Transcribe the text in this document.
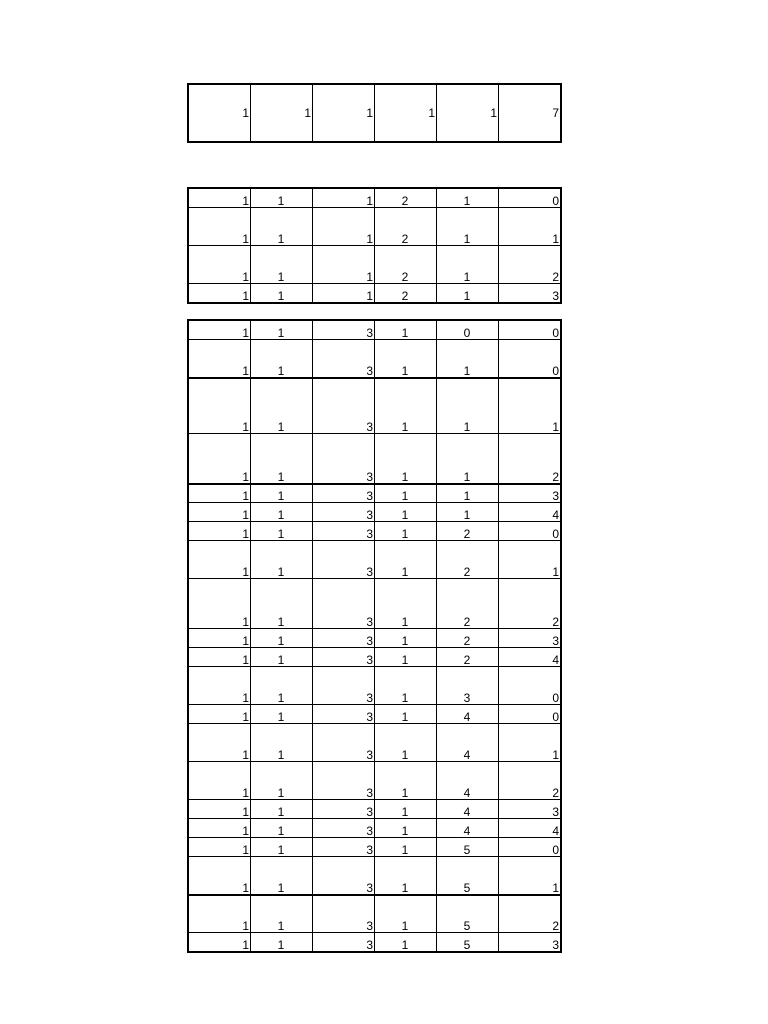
1	1	1	1	1	7
1	1	1	2	1	0
1	1	1	2	1	1
1	1	1	2	1	2
1	1	1	2	1	3
1	1	3	1	0	0
1	1	3	1	1	0
1	1	3	1	1	1
1	1	3	1	1	2
1	1	3	1	1	3
1	1	3	1	1	4
1	1	3	1	2	0
1	1	3	1	2	1
1	1	3	1	2	2
1	1	3	1	2	3
1	1	3	1	2	4
1	1	3	1	3	0
1	1	3	1	4	0
1	1	3	1	4	1
1	1	3	1	4	2
1	1	3	1	4	3
1	1	3	1	4	4
1	1	3	1	5	0
1	1	3	1	5	1
1	1	3	1	5	2
1	1	3	1	5	3
